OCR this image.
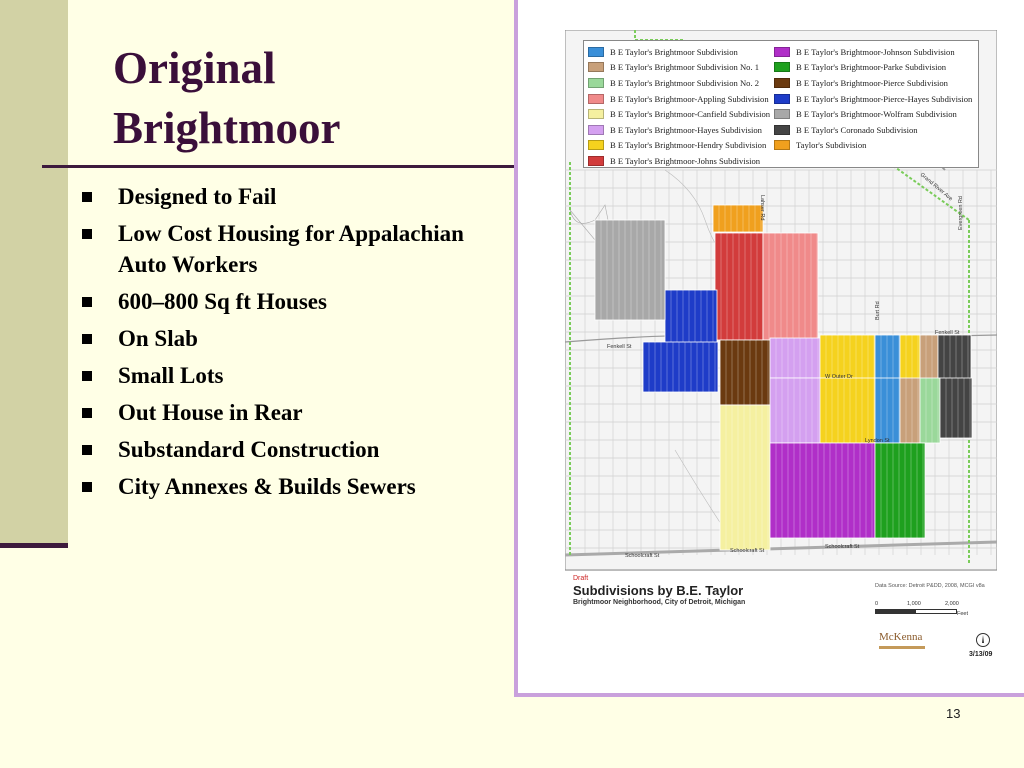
Original
Brightmoor
Designed to Fail
Low Cost Housing for Appalachian Auto Workers
600–800 Sq ft Houses
On Slab
Small Lots
Out House in Rear
Substandard Construction
City Annexes & Builds Sewers
Fenkell St
Fenkell St
W Outer Dr
Lyndon St
Schoolcraft St
Schoolcraft St
Schoolcraft St
Grand River Ave
Evergreen Rd
Lahser Rd
Burt Rd
B E Taylor's Brightmoor Subdivision
B E Taylor's Brightmoor Subdivision No. 1
B E Taylor's Brightmoor Subdivision No. 2
B E Taylor's Brightmoor-Appling Subdivision
B E Taylor's Brightmoor-Canfield Subdivision
B E Taylor's Brightmoor-Hayes Subdivision
B E Taylor's Brightmoor-Hendry Subdivision
B E Taylor's Brightmoor-Johns Subdivision
B E Taylor's Brightmoor-Johnson Subdivision
B E Taylor's Brightmoor-Parke Subdivision
B E Taylor's Brightmoor-Pierce Subdivision
B E Taylor's Brightmoor-Pierce-Hayes Subdivision
B E Taylor's Brightmoor-Wolfram Subdivision
B E Taylor's Coronado Subdivision
Taylor's Subdivision
Draft
Subdivisions by B.E. Taylor
Brightmoor Neighborhood, City of Detroit, Michigan
Data Source: Detroit P&DD, 2008, MCGI v8a
0	1,000	2,000
Feet
McKenna
3/13/09
13
